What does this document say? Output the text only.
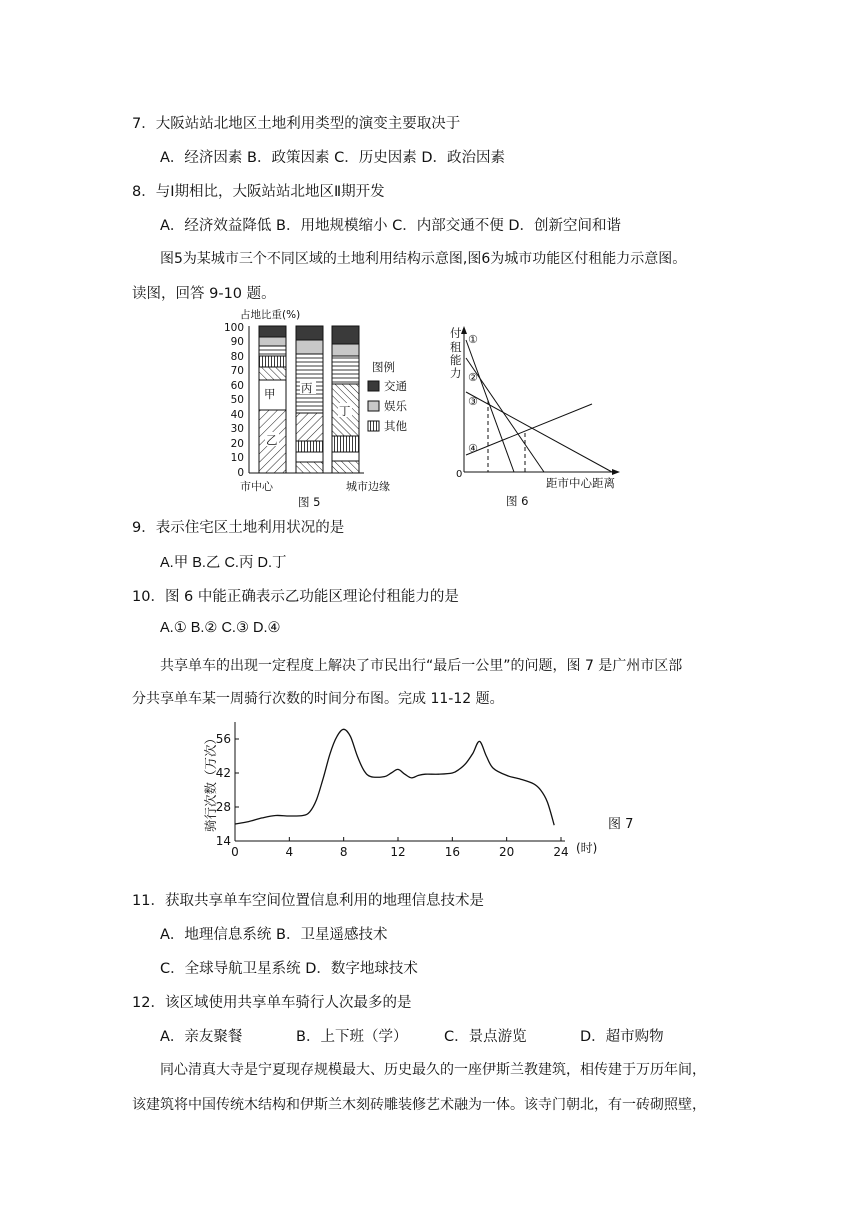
7．大阪站站北地区土地利用类型的演变主要取决于
A．经济因素 B．政策因素 C．历史因素 D．政治因素
8．与Ⅰ期相比，大阪站站北地区Ⅱ期开发
A．经济效益降低 B．用地规模缩小 C．内部交通不便 D．创新空间和谐
图5为某城市三个不同区域的土地利用结构示意图,图6为城市功能区付租能力示意图。
读图，回答 9-10 题。
占地比重(%)
100
90
80
70
60
50
40
30
20
10
0
甲
乙
丙
丁
市中心	城市边缘
图例
交通
娱乐
其他
图 5
付
租
能
力
0
①
②
③
④
距市中心距离
图 6
9．表示住宅区土地利用状况的是
A.甲 B.乙 C.丙 D.丁
10．图 6 中能正确表示乙功能区理论付租能力的是
A.① B.② C.③ D.④
共享单车的出现一定程度上解决了市民出行“最后一公里”的问题，图 7 是广州市区部
分共享单车某一周骑行次数的时间分布图。完成 11-12 题。
骑行次数（万次）
14
28
42
56
0	4	8	12	16	20	24 (时)
图 7
11．获取共享单车空间位置信息利用的地理信息技术是
A．地理信息系统 B．卫星遥感技术
C．全球导航卫星系统 D．数字地球技术
12．该区域使用共享单车骑行人次最多的是
A．亲友聚餐	B．上下班（学）	C．景点游览	D．超市购物
同心清真大寺是宁夏现存规模最大、历史最久的一座伊斯兰教建筑，相传建于万历年间，
该建筑将中国传统木结构和伊斯兰木刻砖雕装修艺术融为一体。该寺门朝北，有一砖砌照壁，
